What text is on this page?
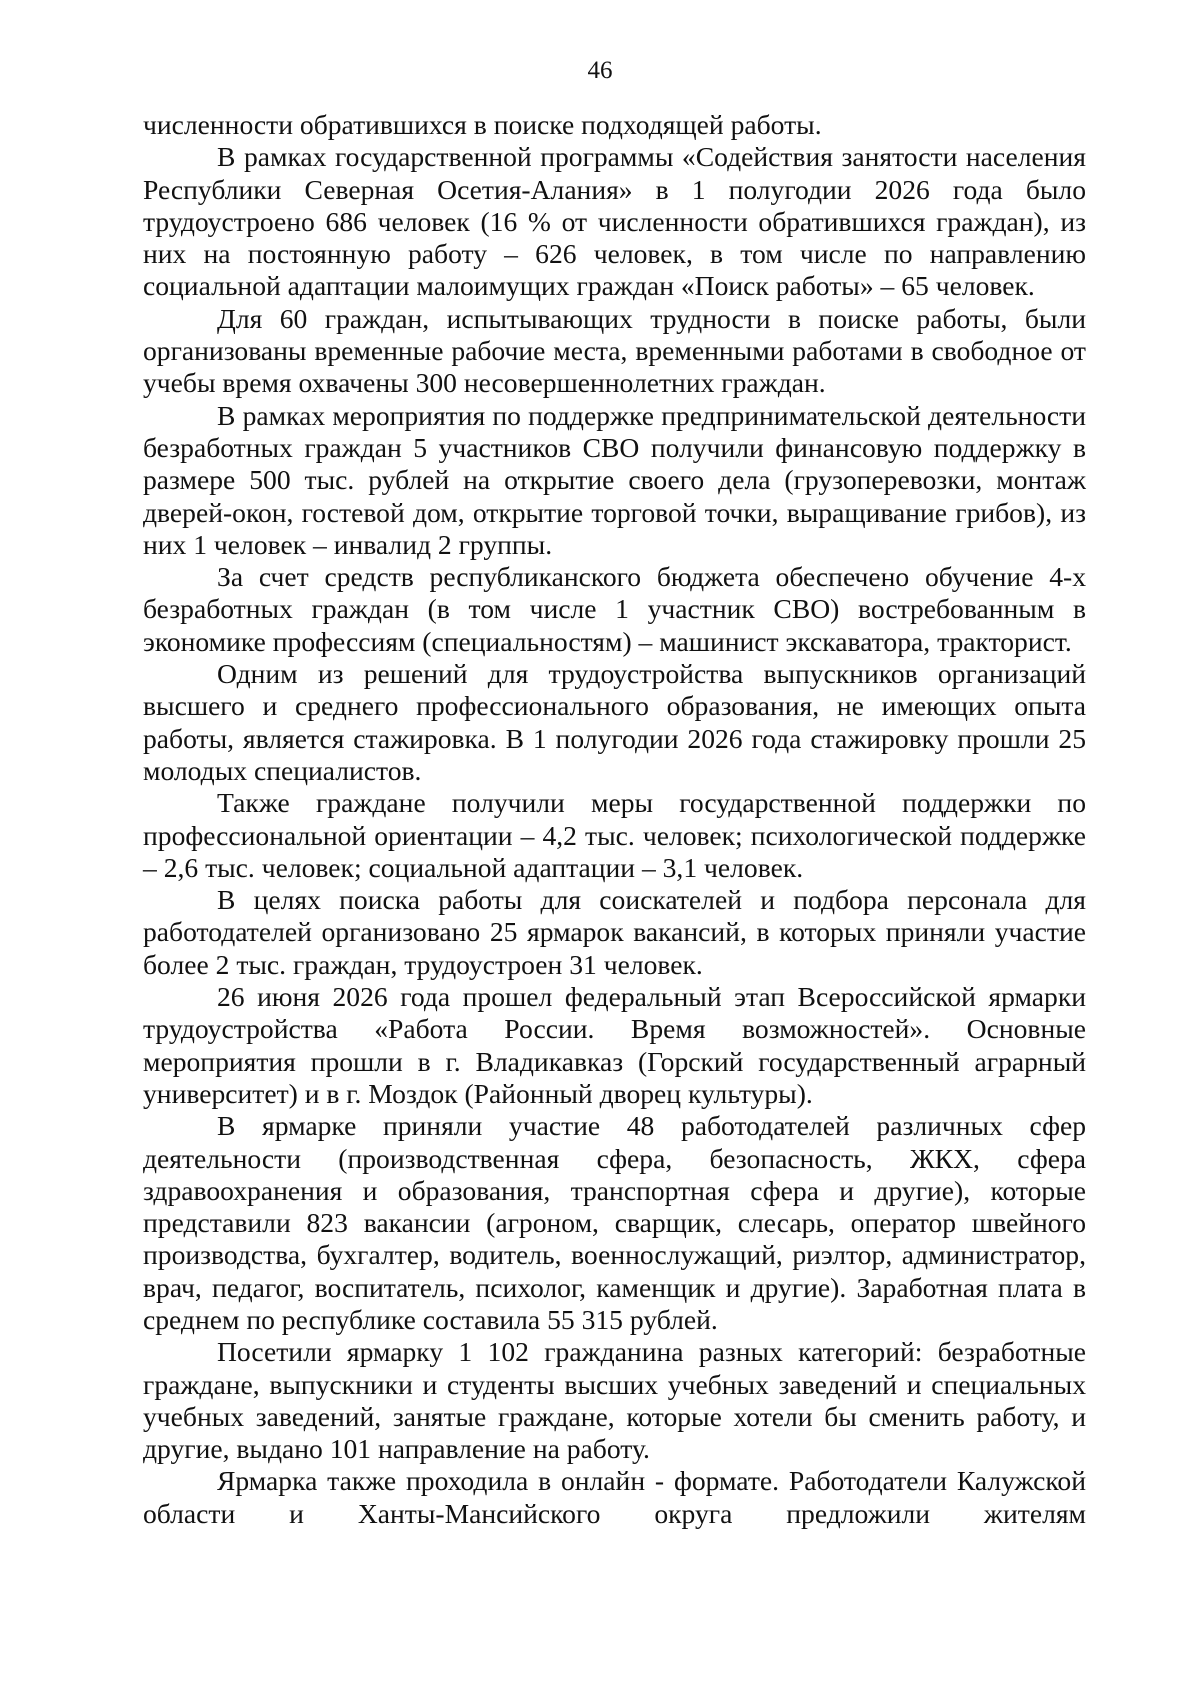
46

численности обратившихся в поиске подходящей работы.

В рамках государственной программы «Содействия занятости населения Республики Северная Осетия-Алания» в 1 полугодии 2026 года было трудоустроено 686 человек (16 % от численности обратившихся граждан), из них на постоянную работу – 626 человек, в том числе по направлению социальной адаптации малоимущих граждан «Поиск работы» – 65 человек.

Для 60 граждан, испытывающих трудности в поиске работы, были организованы временные рабочие места, временными работами в свободное от учебы время охвачены 300 несовершеннолетних граждан.

В рамках мероприятия по поддержке предпринимательской деятельности безработных граждан 5 участников СВО получили финансовую поддержку в размере 500 тыс. рублей на открытие своего дела (грузоперевозки, монтаж дверей-окон, гостевой дом, открытие торговой точки, выращивание грибов), из них 1 человек – инвалид 2 группы.

За счет средств республиканского бюджета обеспечено обучение 4-х безработных граждан (в том числе 1 участник СВО) востребованным в экономике профессиям (специальностям) – машинист экскаватора, тракторист.

Одним из решений для трудоустройства выпускников организаций высшего и среднего профессионального образования, не имеющих опыта работы, является стажировка. В 1 полугодии 2026 года стажировку прошли 25 молодых специалистов.

Также граждане получили меры государственной поддержки по профессиональной ориентации – 4,2 тыс. человек; психологической поддержке – 2,6 тыс. человек; социальной адаптации – 3,1 человек.

В целях поиска работы для соискателей и подбора персонала для работодателей организовано 25 ярмарок вакансий, в которых приняли участие более 2 тыс. граждан, трудоустроен 31 человек.

26 июня 2026 года прошел федеральный этап Всероссийской ярмарки трудоустройства «Работа России. Время возможностей». Основные мероприятия прошли в г. Владикавказ (Горский государственный аграрный университет) и в г. Моздок (Районный дворец культуры).

В ярмарке приняли участие 48 работодателей различных сфер деятельности (производственная сфера, безопасность, ЖКХ, сфера здравоохранения и образования, транспортная сфера и другие), которые представили 823 вакансии (агроном, сварщик, слесарь, оператор швейного производства, бухгалтер, водитель, военнослужащий, риэлтор, администратор, врач, педагог, воспитатель, психолог, каменщик и другие). Заработная плата в среднем по республике составила 55 315 рублей.

Посетили ярмарку 1 102 гражданина разных категорий: безработные граждане, выпускники и студенты высших учебных заведений и специальных учебных заведений, занятые граждане, которые хотели бы сменить работу, и другие, выдано 101 направление на работу.

Ярмарка также проходила в онлайн - формате. Работодатели Калужской области и Ханты-Мансийского округа предложили жителям
